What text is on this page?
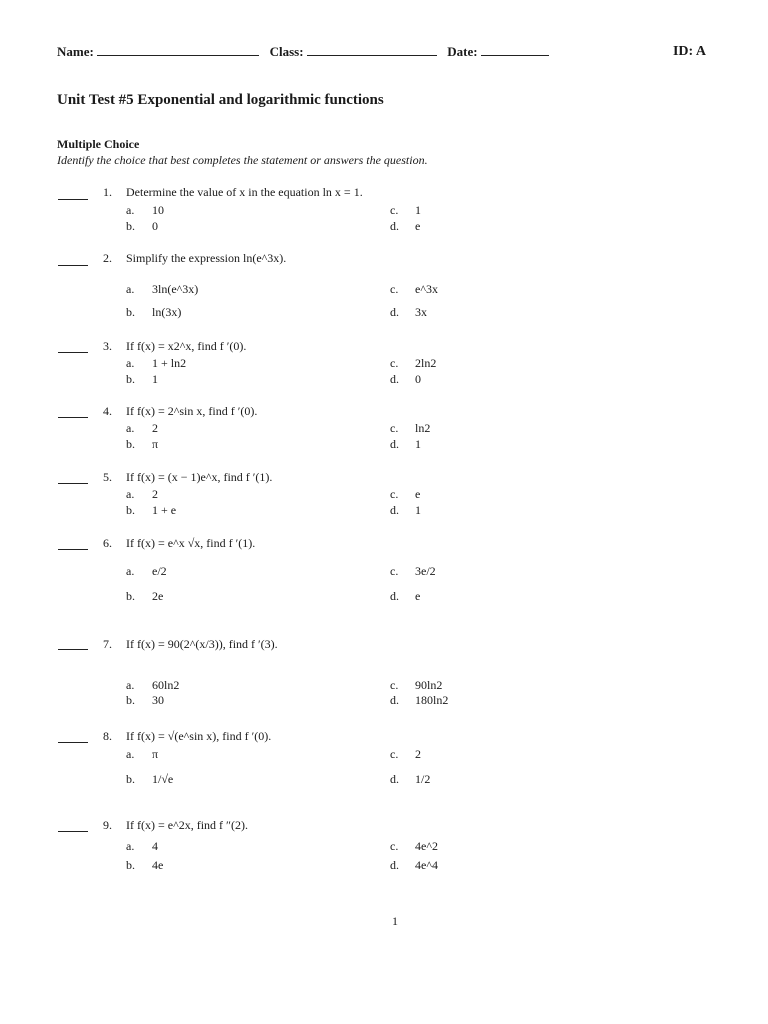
Name:	Class:	Date:	ID: A
Unit Test #5 Exponential and logarithmic functions
Multiple Choice
Identify the choice that best completes the statement or answers the question.
1. Determine the value of x in the equation ln x = 1.
a. 10	c. 1
b. 0	d. e
2. Simplify the expression ln(e^3x).
a. 3ln(e^3x)	c. e^3x
b. ln(3x)	d. 3x
3. If f(x) = x2^x, find f ′(0).
a. 1 + ln2	c. 2ln2
b. 1	d. 0
4. If f(x) = 2^sin x, find f ′(0).
a. 2	c. ln2
b. π	d. 1
5. If f(x) = (x − 1)e^x, find f ′(1).
a. 2	c. e
b. 1 + e	d. 1
6. If f(x) = e^x √x, find f ′(1).
a. e/2	c. 3e/2
b. 2e	d. e
7. If f(x) = 90(2^(x/3)), find f ′(3).
a. 60ln2	c. 90ln2
b. 30	d. 180ln2
8. If f(x) = √(e^sin x), find f ′(0).
a. π	c. 2
b. 1/√e	d. 1/2
9. If f(x) = e^2x, find f ″(2).
a. 4	c. 4e^2
b. 4e	d. 4e^4
1
